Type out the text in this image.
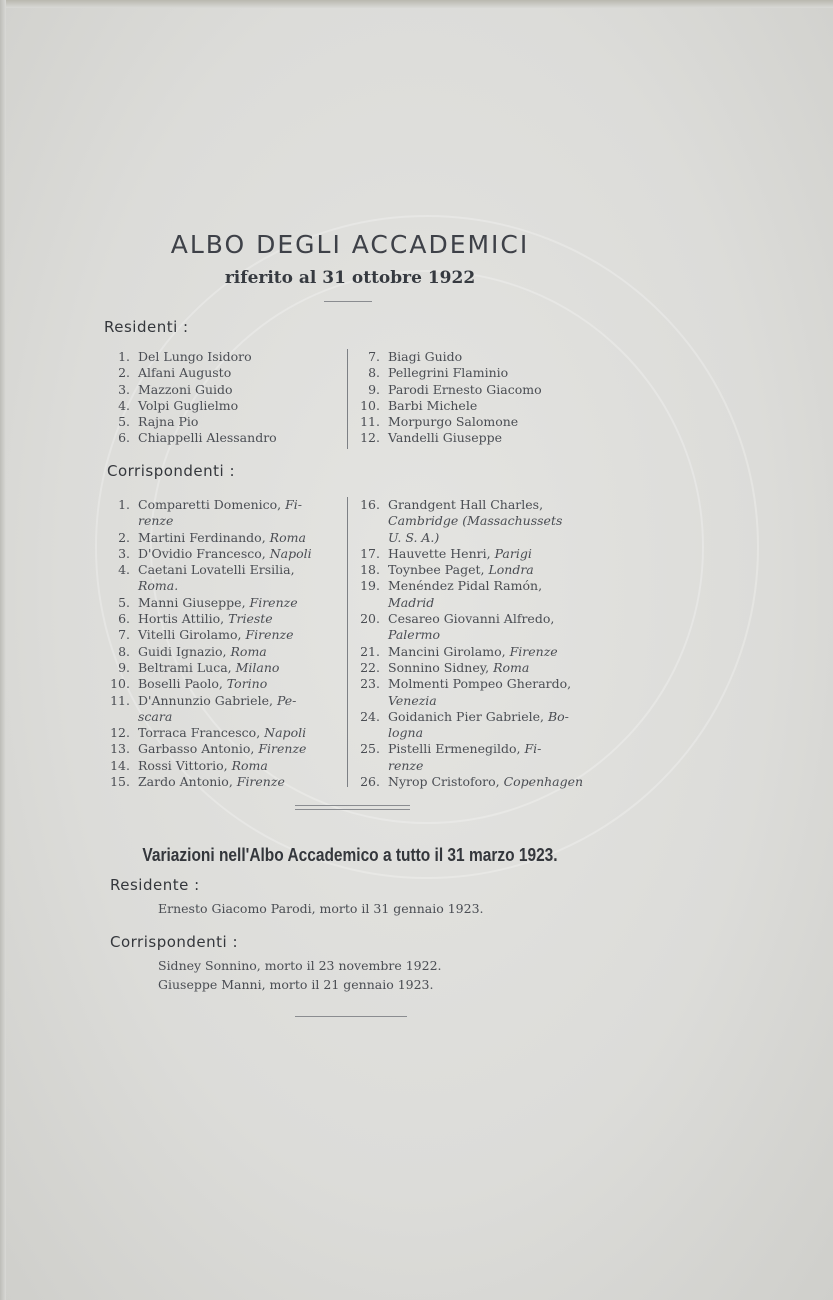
ALBO DEGLI ACCADEMICI
riferito al 31 ottobre 1922
Residenti :
1. Del Lungo Isidoro
2. Alfani Augusto
3. Mazzoni Guido
4. Volpi Guglielmo
5. Rajna Pio
6. Chiappelli Alessandro
7. Biagi Guido
8. Pellegrini Flaminio
9. Parodi Ernesto Giacomo
10. Barbi Michele
11. Morpurgo Salomone
12. Vandelli Giuseppe
Corrispondenti :
1. Comparetti Domenico, Fi-
renze
2. Martini Ferdinando, Roma
3. D'Ovidio Francesco, Napoli
4. Caetani Lovatelli Ersilia,
Roma.
5. Manni Giuseppe, Firenze
6. Hortis Attilio, Trieste
7. Vitelli Girolamo, Firenze
8. Guidi Ignazio, Roma
9. Beltrami Luca, Milano
10. Boselli Paolo, Torino
11. D'Annunzio Gabriele, Pe-
scara
12. Torraca Francesco, Napoli
13. Garbasso Antonio, Firenze
14. Rossi Vittorio, Roma
15. Zardo Antonio, Firenze
16. Grandgent Hall Charles,
Cambridge (Massachussets
U. S. A.)
17. Hauvette Henri, Parigi
18. Toynbee Paget, Londra
19. Menéndez Pidal Ramón,
Madrid
20. Cesareo Giovanni Alfredo,
Palermo
21. Mancini Girolamo, Firenze
22. Sonnino Sidney, Roma
23. Molmenti Pompeo Gherardo,
Venezia
24. Goidanich Pier Gabriele, Bo-
logna
25. Pistelli Ermenegildo, Fi-
renze
26. Nyrop Cristoforo, Copenhagen
Variazioni nell'Albo Accademico a tutto il 31 marzo 1923.
Residente :
Ernesto Giacomo Parodi, morto il 31 gennaio 1923.
Corrispondenti :
Sidney Sonnino, morto il 23 novembre 1922.
Giuseppe Manni, morto il 21 gennaio 1923.
